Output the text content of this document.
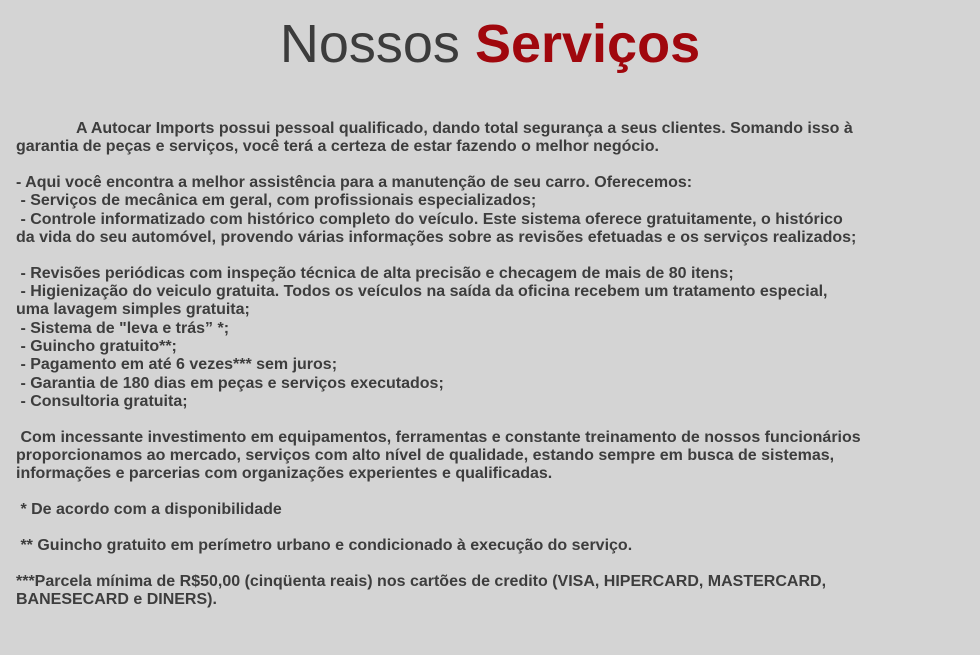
Nossos Serviços
A Autocar Imports possui pessoal qualificado, dando total segurança a seus clientes. Somando isso à
garantia de peças e serviços, você terá a certeza de estar fazendo o melhor negócio.
- Aqui você encontra a melhor assistência para a manutenção de seu carro. Oferecemos:
- Serviços de mecânica em geral, com profissionais especializados;
- Controle informatizado com histórico completo do veículo. Este sistema oferece gratuitamente, o histórico
da vida do seu automóvel, provendo várias informações sobre as revisões efetuadas e os serviços realizados;
- Revisões periódicas com inspeção técnica de alta precisão e checagem de mais de 80 itens;
- Higienização do veiculo gratuita. Todos os veículos na saída da oficina recebem um tratamento especial,
uma lavagem simples gratuita;
- Sistema de "leva e trás” *;
- Guincho gratuito**;
- Pagamento em até 6 vezes*** sem juros;
- Garantia de 180 dias em peças e serviços executados;
- Consultoria gratuita;
Com incessante investimento em equipamentos, ferramentas e constante treinamento de nossos funcionários
proporcionamos ao mercado, serviços com alto nível de qualidade, estando sempre em busca de sistemas,
informações e parcerias com organizações experientes e qualificadas.
* De acordo com a disponibilidade
** Guincho gratuito em perímetro urbano e condicionado à execução do serviço.
***Parcela mínima de R$50,00 (cinqüenta reais) nos cartões de credito (VISA, HIPERCARD, MASTERCARD,
BANESECARD e DINERS).
